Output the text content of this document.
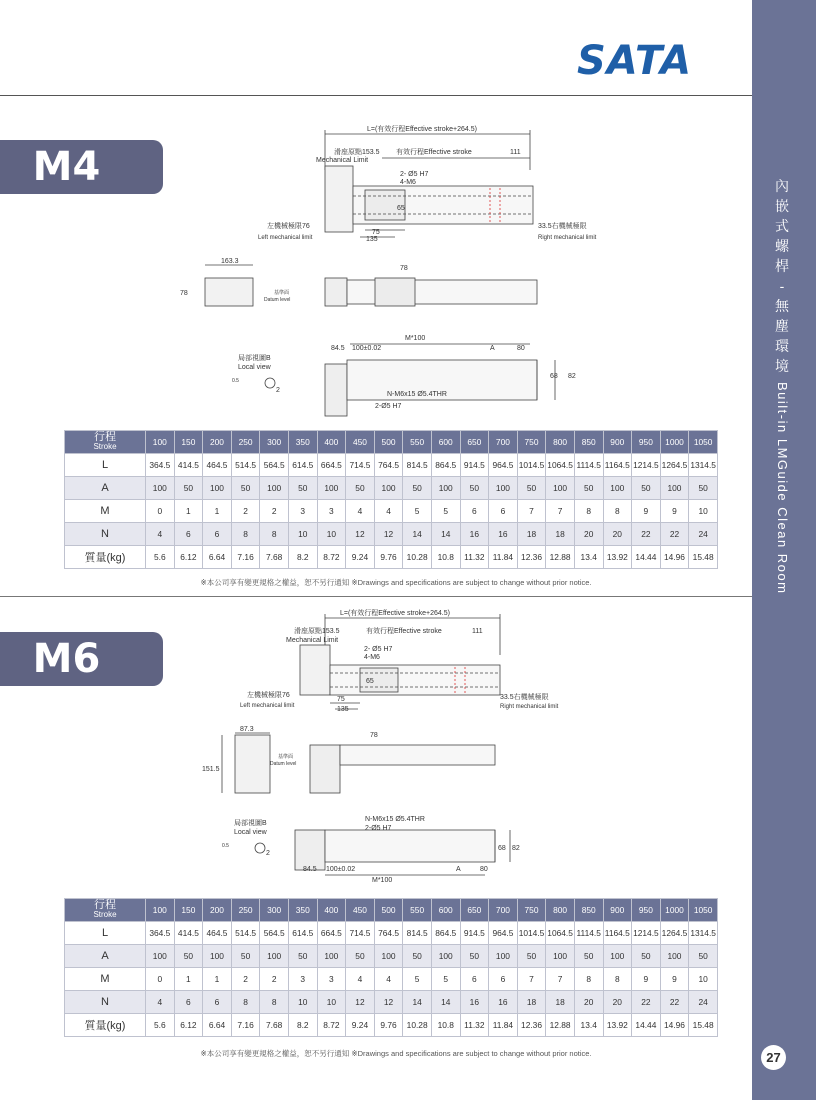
SATA
內
嵌
式
螺
桿
-
無
塵
環
境
Built-in LMGuide Clean Room
27
M4
L=(有效行程Effective stroke+264.5)
滑座原點153.5
Mechanical Limit
有效行程Effective stroke	111
2- Ø5 H7
4-M6
65
左機械極限76
Left mechanical limit
75
135
33.5右機械極限
Right mechanical limit
163.3
78
78
基準面
Datum level
局部視圖B
Local view
0.5
2
84.5 100±0.02
M*100
A	80
68 82
N-M6x15 Ø5.4THR
2-Ø5 H7
行程
Stroke	100	150	200	250	300	350	400	450	500	550	600	650	700	750	800	850	900	950	1000	1050
L	364.5	414.5	464.5	514.5	564.5	614.5	664.5	714.5	764.5	814.5	864.5	914.5	964.5	1014.5	1064.5	1114.5	1164.5	1214.5	1264.5	1314.5
A	100	50	100	50	100	50	100	50	100	50	100	50	100	50	100	50	100	50	100	50
M	0	1	1	2	2	3	3	4	4	5	5	6	6	7	7	8	8	9	9	10
N	4	6	6	8	8	10	10	12	12	14	14	16	16	18	18	20	20	22	22	24
質量(kg)	5.6	6.12	6.64	7.16	7.68	8.2	8.72	9.24	9.76	10.28	10.8	11.32	11.84	12.36	12.88	13.4	13.92	14.44	14.96	15.48
※本公司享有變更規格之權益，恕不另行通知 ※Drawings and specifications are subject to change without prior notice.
M6
L=(有效行程Effective stroke+264.5)
滑座原點153.5
Mechanical Limit
有效行程Effective stroke	111
2- Ø5 H7
4-M6
65
左機械極限76
Left mechanical limit
75
135
33.5右機械極限
Right mechanical limit
87.3
151.5
78
基準面
Datum level
局部視圖B
Local view
0.5
2
84.5 100±0.02
M*100
A	80
68 82
N-M6x15 Ø5.4THR
2-Ø5 H7
行程
Stroke	100	150	200	250	300	350	400	450	500	550	600	650	700	750	800	850	900	950	1000	1050
L	364.5	414.5	464.5	514.5	564.5	614.5	664.5	714.5	764.5	814.5	864.5	914.5	964.5	1014.5	1064.5	1114.5	1164.5	1214.5	1264.5	1314.5
A	100	50	100	50	100	50	100	50	100	50	100	50	100	50	100	50	100	50	100	50
M	0	1	1	2	2	3	3	4	4	5	5	6	6	7	7	8	8	9	9	10
N	4	6	6	8	8	10	10	12	12	14	14	16	16	18	18	20	20	22	22	24
質量(kg)	5.6	6.12	6.64	7.16	7.68	8.2	8.72	9.24	9.76	10.28	10.8	11.32	11.84	12.36	12.88	13.4	13.92	14.44	14.96	15.48
※本公司享有變更規格之權益，恕不另行通知 ※Drawings and specifications are subject to change without prior notice.
